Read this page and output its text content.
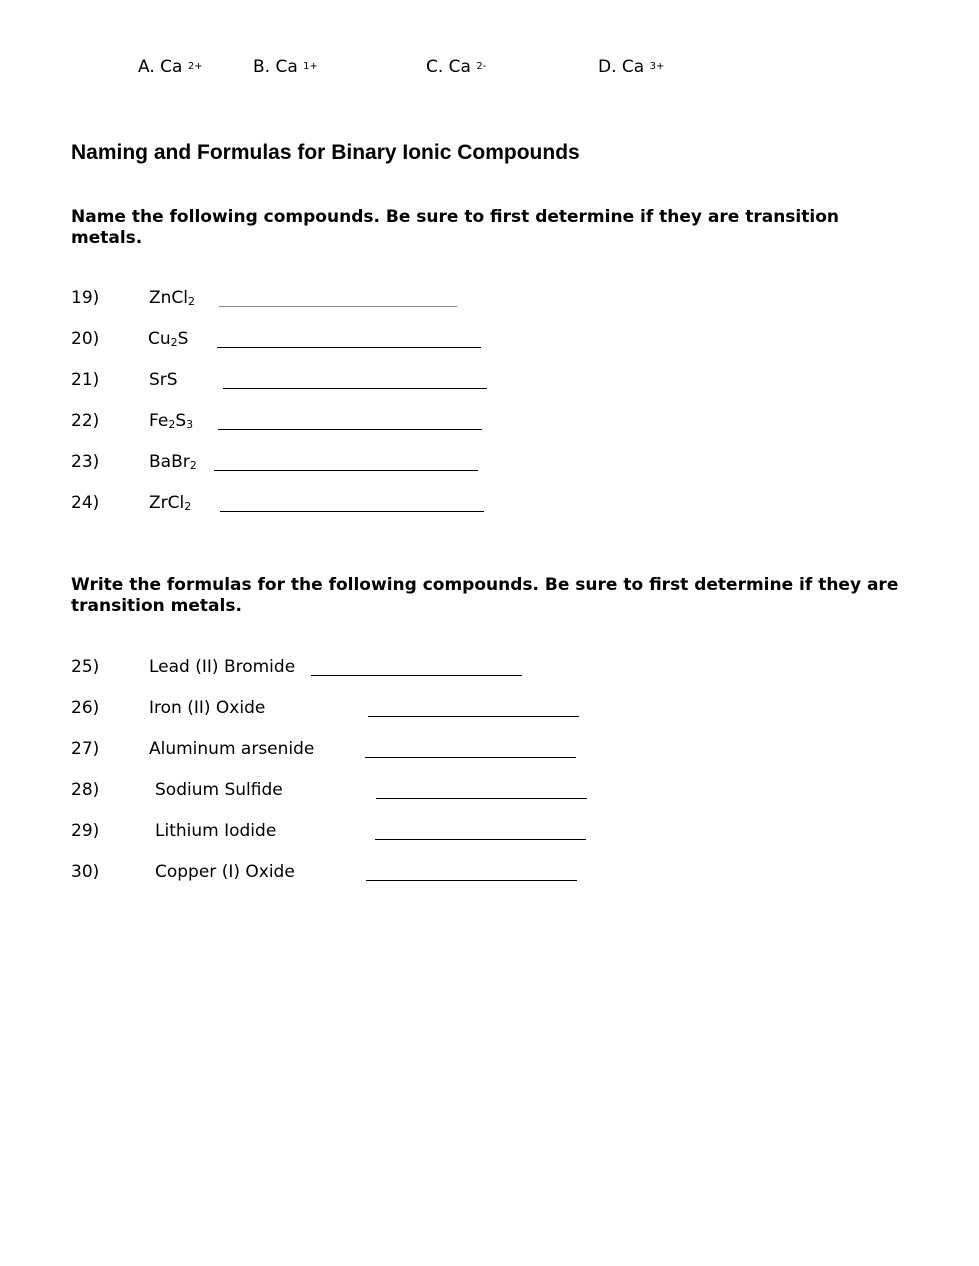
A. Ca $^{2+}$	B. Ca $^{1+}$	C. Ca $^{2-}$	D. Ca $^{3+}$
Naming and Formulas for Binary Ionic Compounds
Name the following compounds. Be sure to first determine if they are transition metals.
19)	ZnCl$_2$
20)	$Cu_2S$
21)	SrS
22)	$Fe_2S_3$
23)	BaBr$_2$
24)	ZrCl$_2$
Write the formulas for the following compounds. Be sure to first determine if they are transition metals.
25)	Lead (II) Bromide
26)	Iron (II) Oxide
27)	Aluminum arsenide
28)	Sodium Sulfide
29)	Lithium Iodide
30)	Copper (I) Oxide
